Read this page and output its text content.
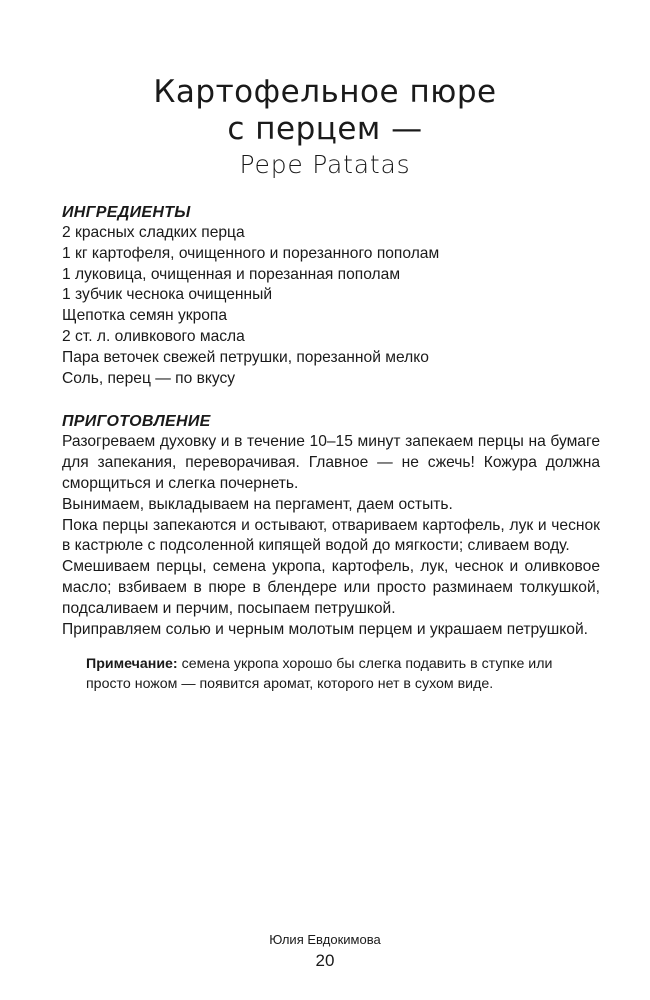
Картофельное пюре
с перцем —
Pepe Patatas
ИНГРЕДИЕНТЫ
2 красных сладких перца
1 кг картофеля, очищенного и порезанного пополам
1 луковица, очищенная и порезанная пополам
1 зубчик чеснока очищенный
Щепотка семян укропа
2 ст. л. оливкового масла
Пара веточек свежей петрушки, порезанной мелко
Соль, перец — по вкусу
ПРИГОТОВЛЕНИЕ

Разогреваем духовку и в течение 10–15 минут запекаем перцы на бумаге для запекания, переворачивая. Главное — не сжечь! Кожура должна сморщиться и слегка почернеть.

Вынимаем, выкладываем на пергамент, даем остыть.

Пока перцы запекаются и остывают, отвариваем картофель, лук и чеснок в кастрюле с подсоленной кипящей водой до мягкости; сливаем воду.

Смешиваем перцы, семена укропа, картофель, лук, чеснок и оливковое масло; взбиваем в пюре в блендере или просто разминаем толкушкой, подсаливаем и перчим, посыпаем петрушкой.

Приправляем солью и черным молотым перцем и украшаем петрушкой.

Примечание: семена укропа хорошо бы слегка подавить в ступке или просто ножом — появится аромат, которого нет в сухом виде.

Юлия Евдокимова
20
